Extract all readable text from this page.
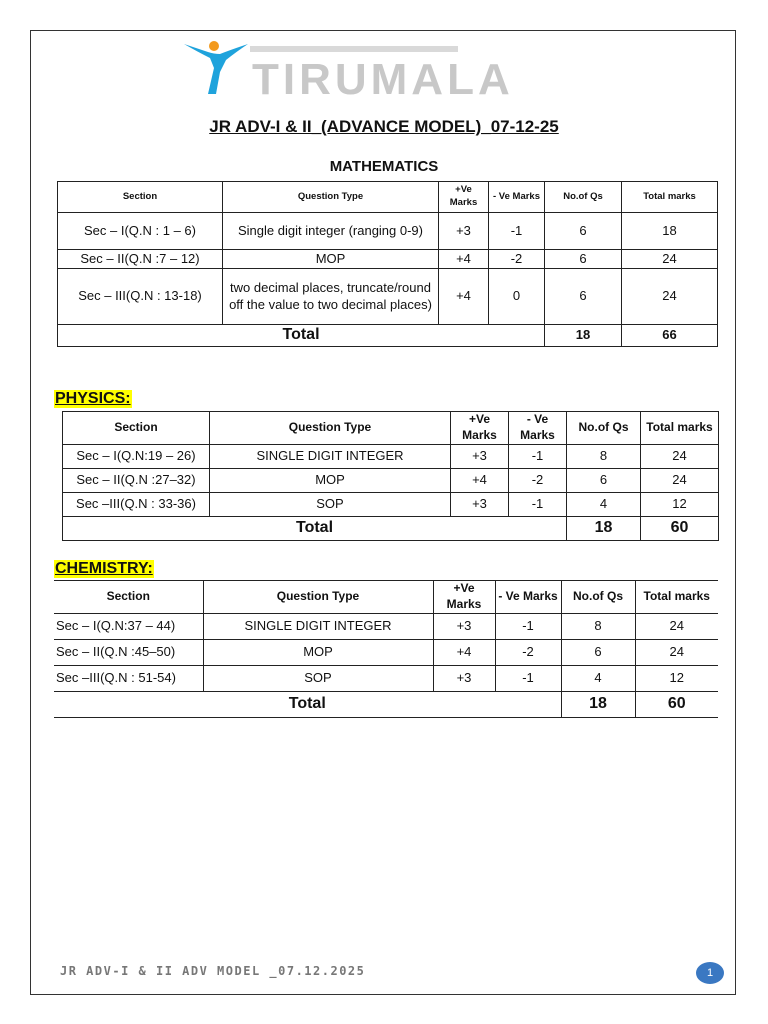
TIRUMALA
JR ADV-I & II_(ADVANCE MODEL)_07-12-25
MATHEMATICS
Section	Question Type	+Ve Marks	- Ve Marks	No.of Qs	Total marks
Sec – I(Q.N : 1 – 6)	Single digit integer (ranging 0-9)	+3	-1	6	18
Sec – II(Q.N :7 – 12)	MOP	+4	-2	6	24
Sec – III(Q.N : 13-18)	two decimal places, truncate/round off the value to two decimal places)	+4	0	6	24
Total				18	66
PHYSICS:
Section	Question Type	+Ve Marks	- Ve Marks	No.of Qs	Total marks
Sec – I(Q.N:19 – 26)	SINGLE DIGIT INTEGER	+3	-1	8	24
Sec – II(Q.N :27–32)	MOP	+4	-2	6	24
Sec –III(Q.N : 33-36)	SOP	+3	-1	4	12
Total				18	60
CHEMISTRY:
Section	Question Type	+Ve Marks	- Ve Marks	No.of Qs	Total marks
Sec – I(Q.N:37 – 44)	SINGLE DIGIT INTEGER	+3	-1	8	24
Sec – II(Q.N :45–50)	MOP	+4	-2	6	24
Sec –III(Q.N : 51-54)	SOP	+3	-1	4	12
Total				18	60
JR ADV-I & II ADV MODEL _07.12.2025	1
